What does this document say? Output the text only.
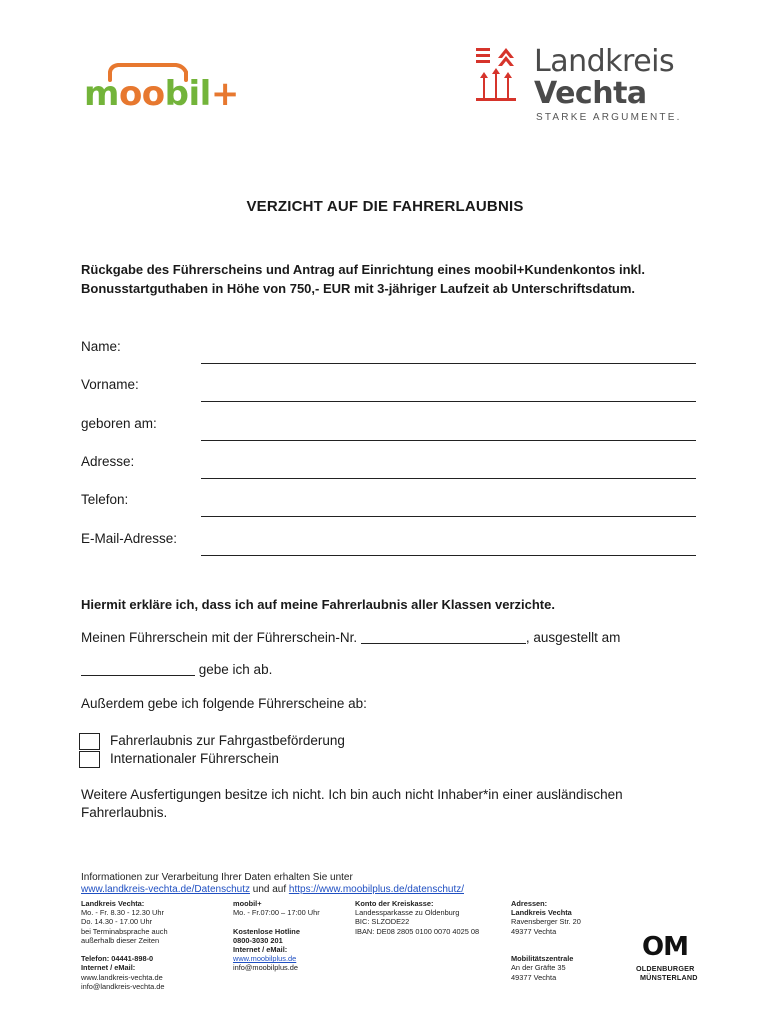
moobil+
Landkreis
Vechta
STARKE ARGUMENTE.
VERZICHT AUF DIE FAHRERLAUBNIS
Rückgabe des Führerscheins und Antrag auf Einrichtung eines moobil+Kundenkontos inkl.
Bonusstartguthaben in Höhe von 750,- EUR mit 3-jähriger Laufzeit ab Unterschriftsdatum.
Name:
Vorname:
geboren am:
Adresse:
Telefon:
E-Mail-Adresse:
Hiermit erkläre ich, dass ich auf meine Fahrerlaubnis aller Klassen verzichte.
Meinen Führerschein mit der Führerschein-Nr.	, ausgestellt am
gebe ich ab.
Außerdem gebe ich folgende Führerscheine ab:
Fahrerlaubnis zur Fahrgastbeförderung
Internationaler Führerschein
Weitere Ausfertigungen besitze ich nicht. Ich bin auch nicht Inhaber*in einer ausländischen
Fahrerlaubnis.
Informationen zur Verarbeitung Ihrer Daten erhalten Sie unter
www.landkreis-vechta.de/Datenschutz und auf https://www.moobilplus.de/datenschutz/
Landkreis Vechta:
Mo. - Fr. 8.30 - 12.30 Uhr
Do. 14.30 - 17.00 Uhr
bei Terminabsprache auch
außerhalb dieser Zeiten
Telefon: 04441-898-0
Internet / eMail:
www.landkreis-vechta.de
info@landkreis-vechta.de
moobil+
Mo. - Fr.07:00 – 17:00 Uhr
Kostenlose Hotline
0800-3030 201
Internet / eMail:
www.moobilplus.de
info@moobilplus.de
Konto der Kreiskasse:
Landessparkasse zu Oldenburg
BIC: SLZODE22
IBAN: DE08 2805 0100 0070 4025 08
Adressen:
Landkreis Vechta
Ravensberger Str. 20
49377 Vechta
Mobilitätszentrale
An der Gräfte 35
49377 Vechta
OM
OLDENBURGER
MÜNSTERLAND
